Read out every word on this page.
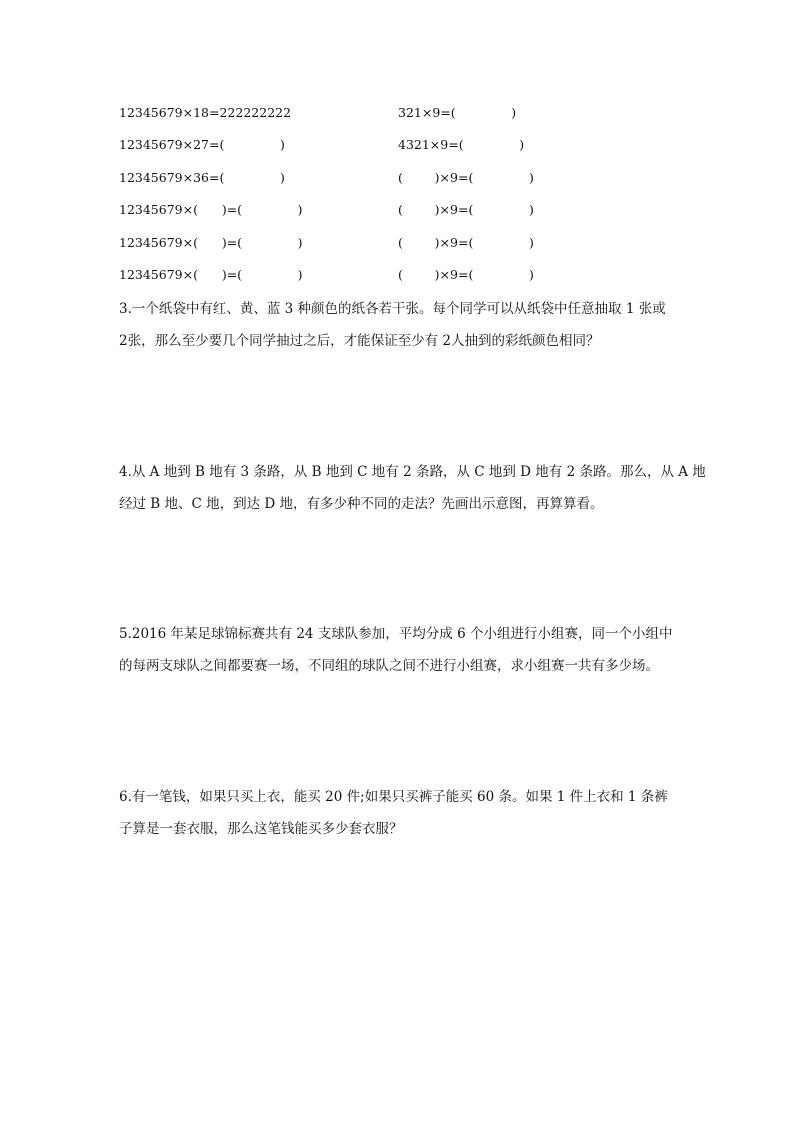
12345679×18=222222222	321×9=(              )
12345679×27=(              )	4321×9=(              )
12345679×36=(              )	(        )×9=(              )
12345679×(      )=(              )	(        )×9=(              )
12345679×(      )=(              )	(        )×9=(              )
12345679×(      )=(              )	(        )×9=(              )

3.一个纸袋中有红、黄、蓝 3 种颜色的纸各若干张。每个同学可以从纸袋中任意抽取 1 张或

2张，那么至少要几个同学抽过之后，才能保证至少有 2人抽到的彩纸颜色相同？

4.从 A 地到 B 地有 3 条路，从 B 地到 C 地有 2 条路，从 C 地到 D 地有 2 条路。那么，从 A 地

经过 B 地、C 地，到达 D 地，有多少种不同的走法？先画出示意图，再算算看。

5.2016 年某足球锦标赛共有 24 支球队参加，平均分成 6 个小组进行小组赛，同一个小组中

的每两支球队之间都要赛一场，不同组的球队之间不进行小组赛，求小组赛一共有多少场。

6.有一笔钱，如果只买上衣，能买 20 件;如果只买裤子能买 60 条。如果 1 件上衣和 1 条裤

子算是一套衣服，那么这笔钱能买多少套衣服？
